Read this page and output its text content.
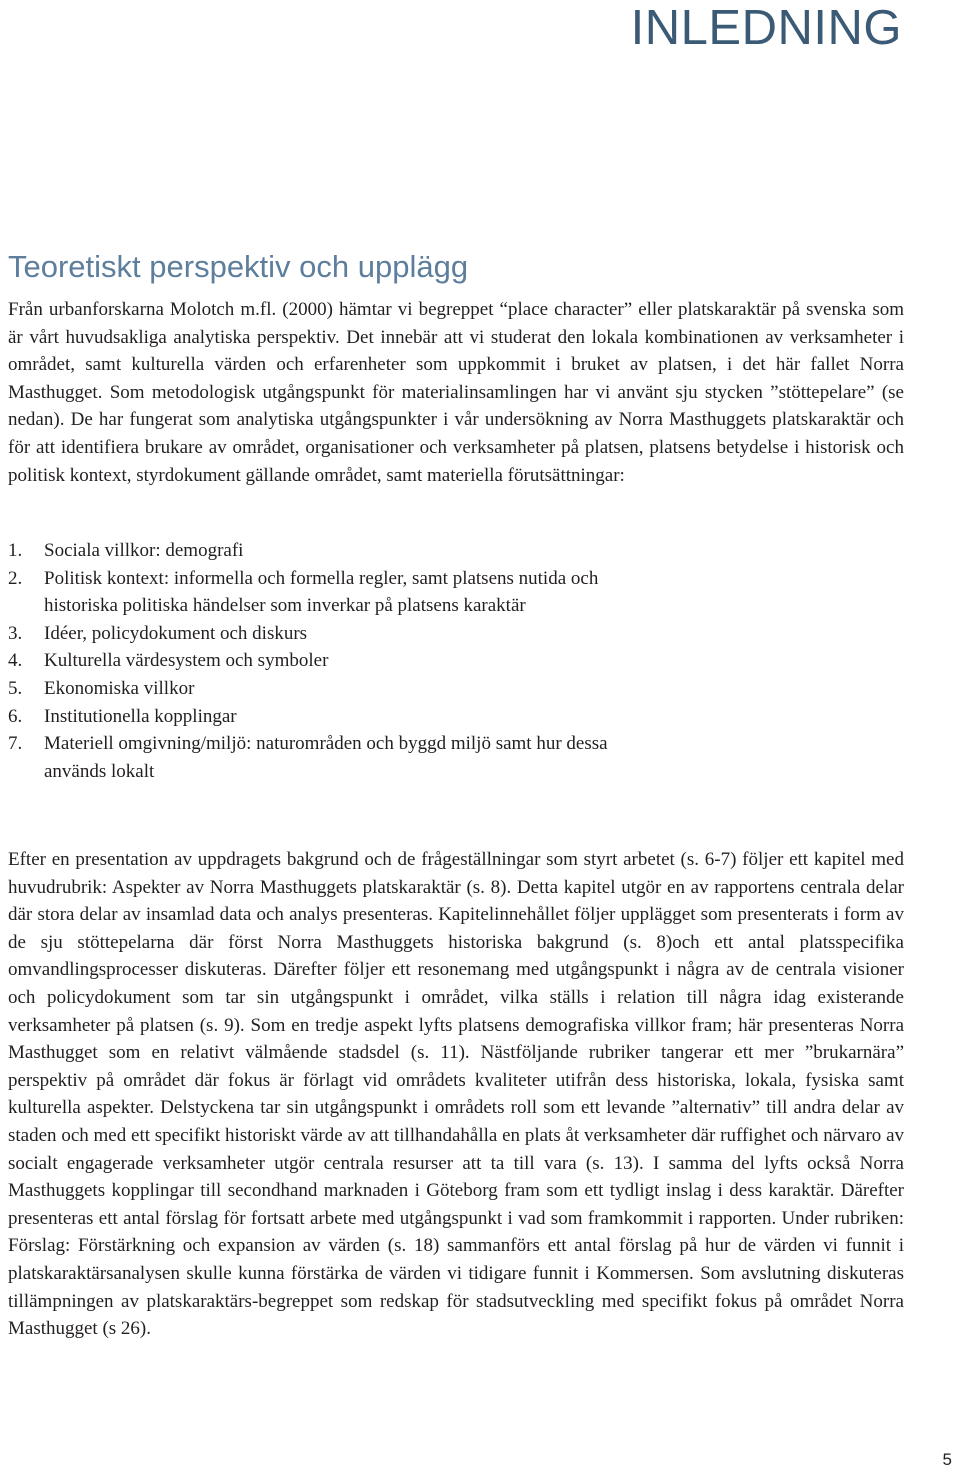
INLEDNING
Teoretiskt perspektiv och upplägg

Från urbanforskarna Molotch m.fl. (2000) hämtar vi begreppet “place character” eller platskaraktär på svenska som är vårt huvudsakliga analytiska perspektiv. Det innebär att vi studerat den lokala kombinationen av verksamheter i området, samt kulturella värden och erfarenheter som uppkommit i bruket av platsen, i det här fallet Norra Masthugget. Som metodologisk utgångspunkt för materialinsamlingen har vi använt sju stycken ”stöttepelare” (se nedan). De har fungerat som analytiska utgångspunkter i vår undersökning av Norra Masthuggets platskaraktär och för att identifiera brukare av området, organisationer och verksamheter på platsen, platsens betydelse i historisk och politisk kontext, styrdokument gällande området, samt materiella förutsättningar:

1.	Sociala villkor: demografi
2.	Politisk kontext: informella och formella regler, samt platsens nutida och historiska politiska händelser som inverkar på platsens karaktär
3.	Idéer, policydokument och diskurs
4.	Kulturella värdesystem och symboler
5.	Ekonomiska villkor
6.	Institutionella kopplingar
7.	Materiell omgivning/miljö: naturområden och byggd miljö samt hur dessa används lokalt

Efter en presentation av uppdragets bakgrund och de frågeställningar som styrt arbetet (s. 6-7) följer ett kapitel med huvudrubrik: Aspekter av Norra Masthuggets platskaraktär (s. 8). Detta kapitel utgör en av rapportens centrala delar där stora delar av insamlad data och analys presenteras. Kapitelinnehållet följer upplägget som presenterats i form av de sju stöttepelarna där först Norra Masthuggets historiska bakgrund (s. 8)och ett antal platsspecifika omvandlingsprocesser diskuteras. Därefter följer ett resonemang med utgångspunkt i några av de centrala visioner och policydokument som tar sin utgångspunkt i området, vilka ställs i relation till några idag existerande verksamheter på platsen (s. 9). Som en tredje aspekt lyfts platsens demografiska villkor fram; här presenteras Norra Masthugget som en relativt välmående stadsdel (s. 11). Nästföljande rubriker tangerar ett mer ”brukarnära” perspektiv på området där fokus är förlagt vid områdets kvaliteter utifrån dess historiska, lokala, fysiska samt kulturella aspekter. Delstyckena tar sin utgångspunkt i områdets roll som ett levande ”alternativ” till andra delar av staden och med ett specifikt historiskt värde av att tillhandahålla en plats åt verksamheter där ruffighet och närvaro av socialt engagerade verksamheter utgör centrala resurser att ta till vara (s. 13). I samma del lyfts också Norra Masthuggets kopplingar till secondhand marknaden i Göteborg fram som ett tydligt inslag i dess karaktär. Därefter presenteras ett antal förslag för fortsatt arbete med utgångspunkt i vad som framkommit i rapporten. Under rubriken: Förslag: Förstärkning och expansion av värden (s. 18) sammanförs ett antal förslag på hur de värden vi funnit i platskaraktärsanalysen skulle kunna förstärka de värden vi tidigare funnit i Kommersen. Som avslutning diskuteras tillämpningen av platskaraktärs-begreppet som redskap för stadsutveckling med specifikt fokus på området Norra Masthugget (s 26).

5
